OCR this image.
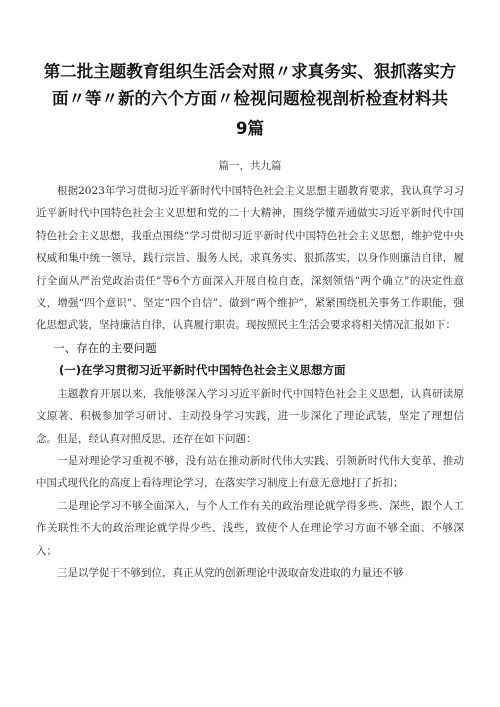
第二批主题教育组织生活会对照〃求真务实、狠抓落实方面〃等〃新的六个方面〃检视问题检视剖析检查材料共
9篇
篇一，共九篇

根据2023年学习贯彻习近平新时代中国特色社会主义思想主题教育要求，我认真学习习近平新时代中国特色社会主义思想和党的二十大精神，围绕学懂弄通做实习近平新时代中国特色社会主义思想，我重点围绕“学习贯彻习近平新时代中国特色社会主义思想，维护党中央权威和集中统一领导，践行宗旨、服务人民，求真务实、狠抓落实，以身作则廉洁自律，履行全面从严治党政治责任”等6个方面深入开展自检自查，深刻领悟“两个确立”的决定性意义，增强“四个意识”、坚定“四个自信”、做到“两个维护”，紧紧围绕机关事务工作职能，强化思想武装，坚持廉洁自律，认真履行职责。现按照民主生活会要求将相关情况汇报如下：

一、存在的主要问题
(一)在学习贯彻习近平新时代中国特色社会主义思想方面

主题教育开展以来，我能够深入学习习近平新时代中国特色社会主义思想，认真研读原文原著、积极参加学习研讨、主动投身学习实践，进一步深化了理论武装，坚定了理想信念。但是，经认真对照反思，还存在如下问题：

一是对理论学习重视不够，没有站在推动新时代伟大实践、引领新时代伟大变革、推动中国式现代化的高度上看待理论学习，在落实学习制度上有意无意地打了折扣；

二是理论学习不够全面深入，与个人工作有关的政治理论就学得多些、深些，跟个人工作关联性不大的政治理论就学得少些、浅些，致使个人在理论学习方面不够全面、不够深入；

三是以学促干不够到位，真正从党的创新理论中汲取奋发进取的力量还不够
